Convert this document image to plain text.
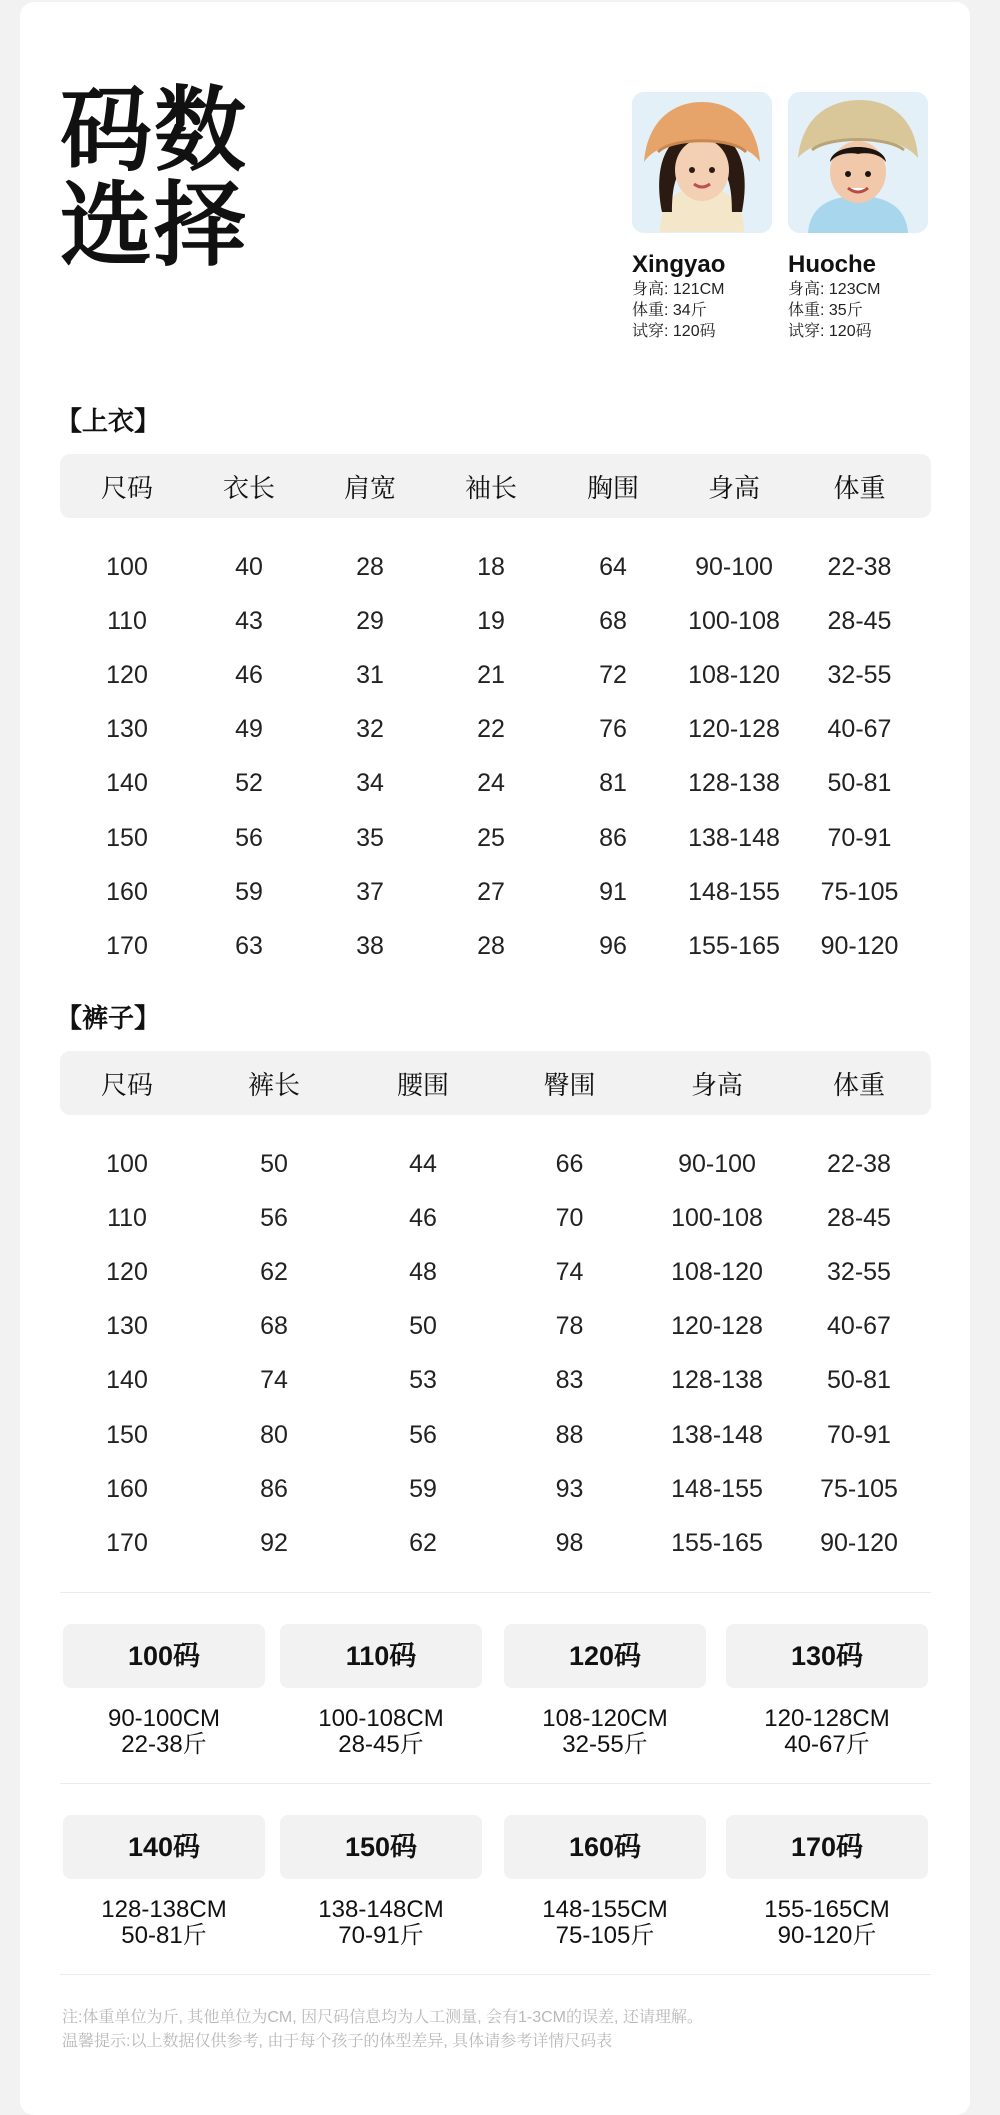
码数
选择	Xingyao
身高: 121CM
体重: 34斤
试穿: 120码
Huoche
身高: 123CM
体重: 35斤
试穿: 120码
【上衣】
尺码	衣长	肩宽	袖长	胸围	身高	体重
100	40	28	18	64	90-100	22-38
110	43	29	19	68	100-108	28-45
120	46	31	21	72	108-120	32-55
130	49	32	22	76	120-128	40-67
140	52	34	24	81	128-138	50-81
150	56	35	25	86	138-148	70-91
160	59	37	27	91	148-155	75-105
170	63	38	28	96	155-165	90-120
【裤子】
尺码	裤长	腰围	臀围	身高	体重
100	50	44	66	90-100	22-38
110	56	46	70	100-108	28-45
120	62	48	74	108-120	32-55
130	68	50	78	120-128	40-67
140	74	53	83	128-138	50-81
150	80	56	88	138-148	70-91
160	86	59	93	148-155	75-105
170	92	62	98	155-165	90-120
100码
90-100CM
22-38斤
110码
100-108CM
28-45斤
120码
108-120CM
32-55斤
130码
120-128CM
40-67斤
140码
128-138CM
50-81斤
150码
138-148CM
70-91斤
160码
148-155CM
75-105斤
170码
155-165CM
90-120斤
注:体重单位为斤, 其他单位为CM, 因尺码信息均为人工测量, 会有1-3CM的误差, 还请理解。
温馨提示:以上数据仅供参考, 由于每个孩子的体型差异, 具体请参考详情尺码表
